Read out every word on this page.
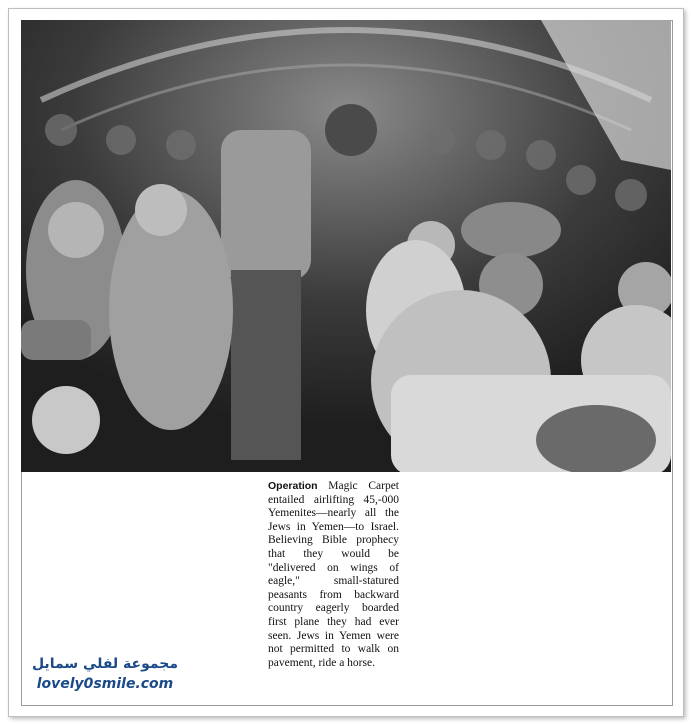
Operation Magic Carpet entailed airlifting 45,-000 Yemenites—nearly all the Jews in Yemen—to Israel. Believing Bible prophecy that they would be "delivered on wings of eagle," small-statured peasants from backward country eagerly boarded first plane they had ever seen. Jews in Yemen were not permitted to walk on pavement, ride a horse.
مجموعة لفلي سمايل
lovely0smile.com
